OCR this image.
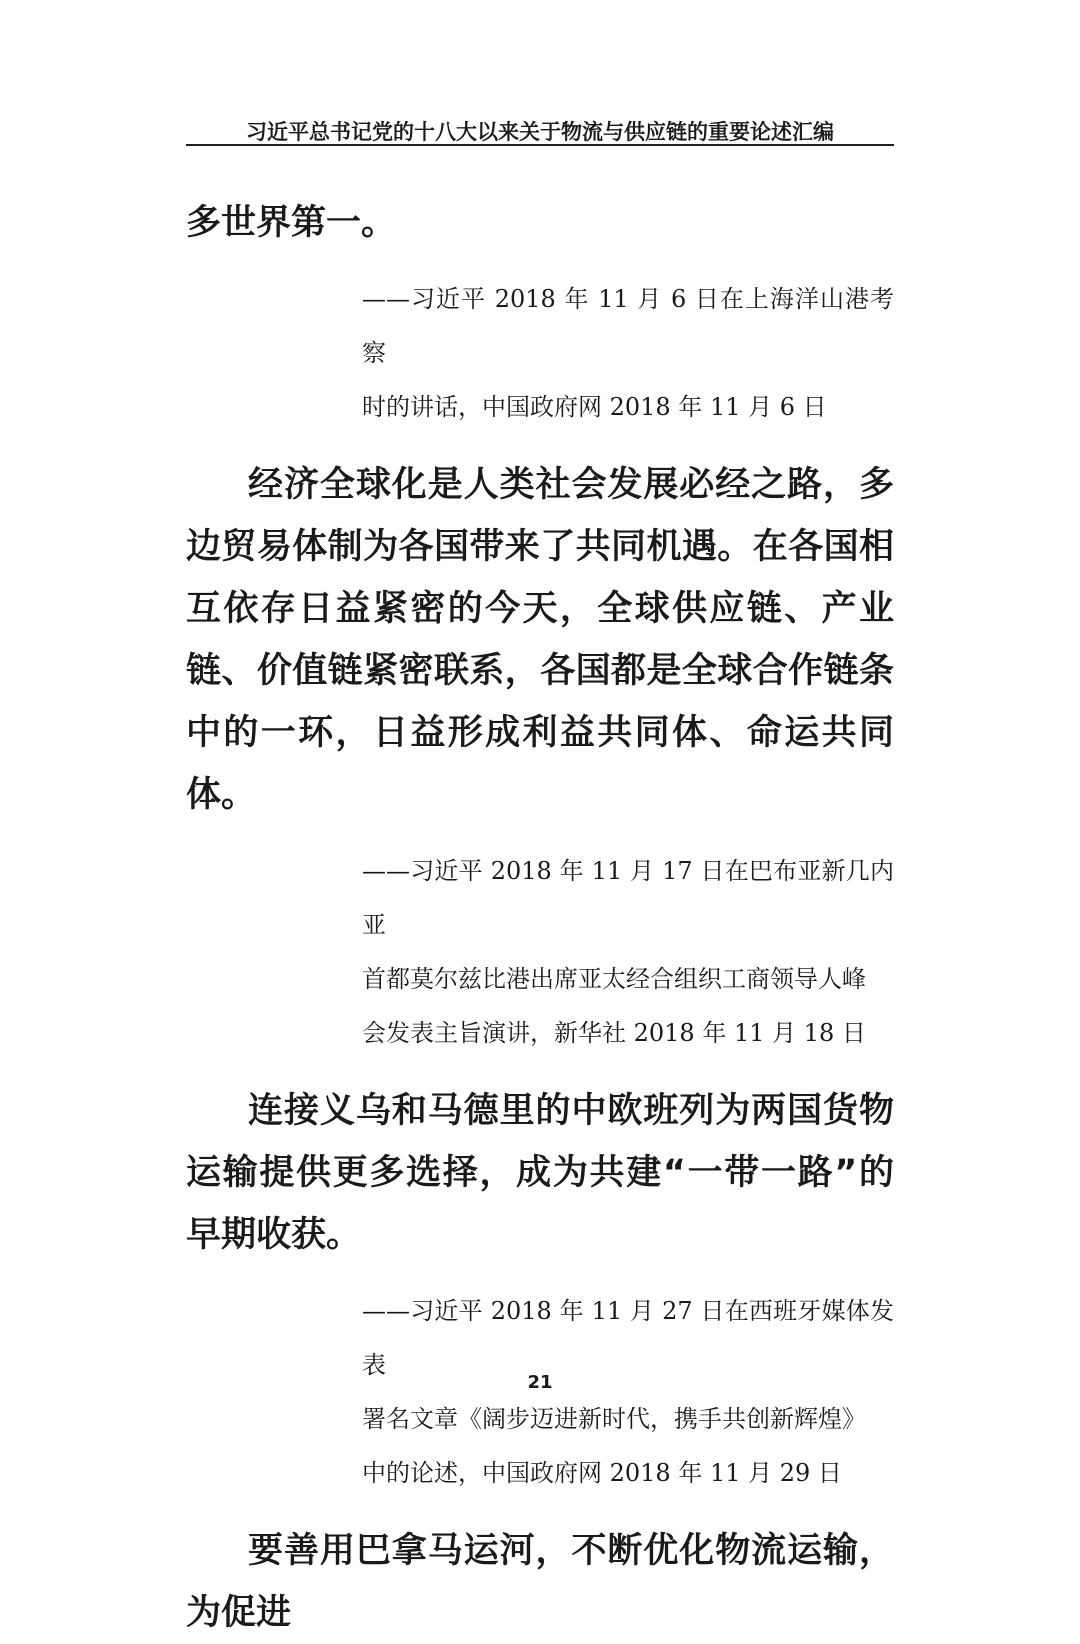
习近平总书记党的十八大以来关于物流与供应链的重要论述汇编

多世界第一。

——习近平 2018 年 11 月 6 日在上海洋山港考察

时的讲话，中国政府网 2018 年 11 月 6 日

经济全球化是人类社会发展必经之路，多边贸易体制为各国带来了共同机遇。在各国相互依存日益紧密的今天，全球供应链、产业链、价值链紧密联系，各国都是全球合作链条中的一环，日益形成利益共同体、命运共同体。

——习近平 2018 年 11 月 17 日在巴布亚新几内亚

首都莫尔兹比港出席亚太经合组织工商领导人峰

会发表主旨演讲，新华社 2018 年 11 月 18 日

连接义乌和马德里的中欧班列为两国货物运输提供更多选择，成为共建“一带一路”的早期收获。

——习近平 2018 年 11 月 27 日在西班牙媒体发表

署名文章《阔步迈进新时代，携手共创新辉煌》

中的论述，中国政府网 2018 年 11 月 29 日

要善用巴拿马运河，不断优化物流运输，为促进

21
